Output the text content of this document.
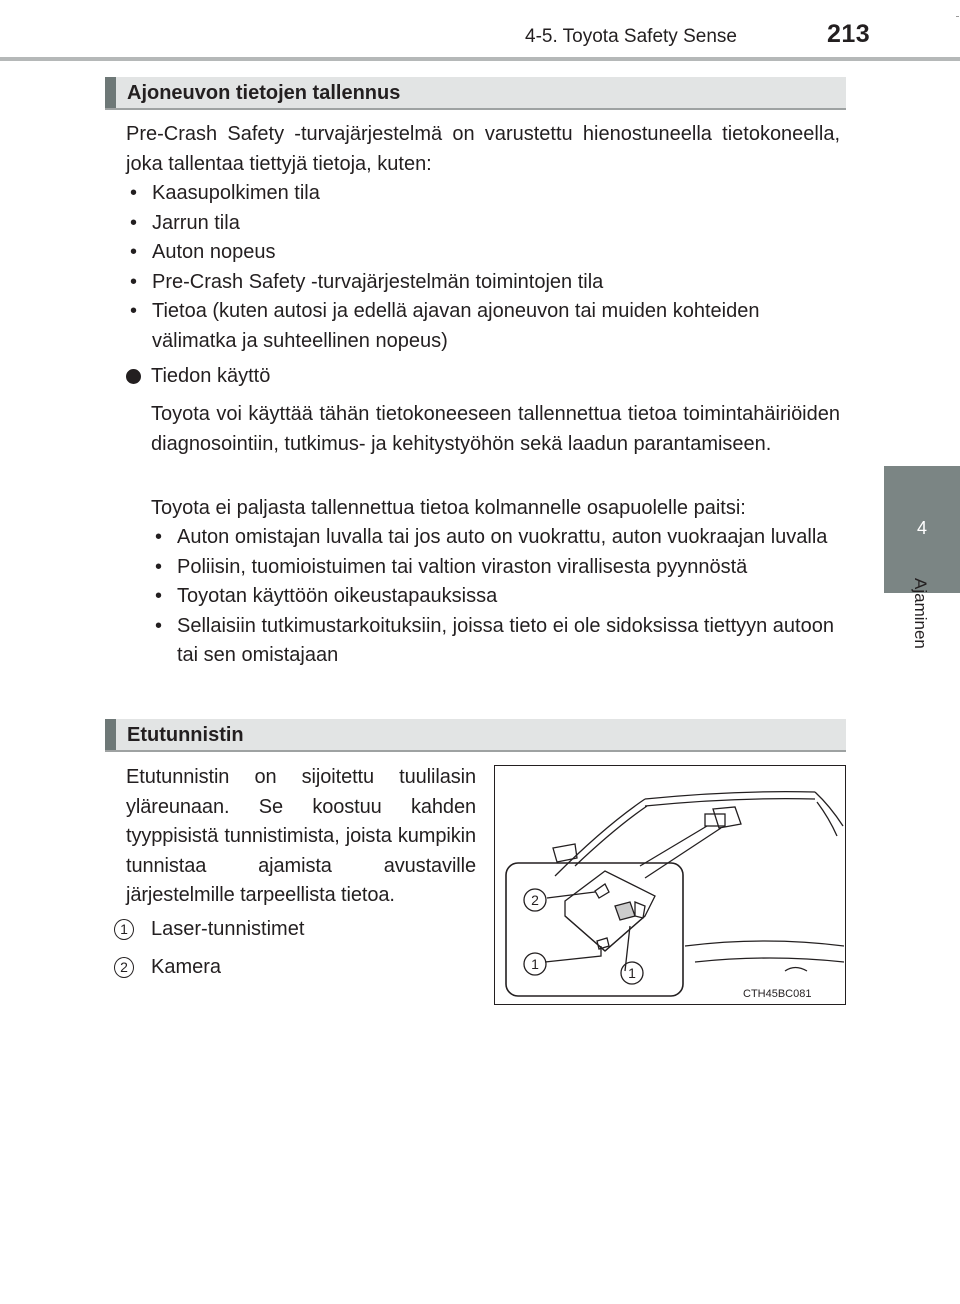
4-5. Toyota Safety Sense	213
4
Ajaminen
Ajoneuvon tietojen tallennus
Pre-Crash Safety -turvajärjestelmä on varustettu hienostuneella tietokoneella, joka tallentaa tiettyjä tietoja, kuten:
• Kaasupolkimen tila
• Jarrun tila
• Auton nopeus
• Pre-Crash Safety -turvajärjestelmän toimintojen tila
• Tietoa (kuten autosi ja edellä ajavan ajoneuvon tai muiden kohteiden välimatka ja suhteellinen nopeus)
Tiedon käyttö
Toyota voi käyttää tähän tietokoneeseen tallennettua tietoa toimintahäiriöiden diagnosointiin, tutkimus- ja kehitystyöhön sekä laadun parantamiseen.
Toyota ei paljasta tallennettua tietoa kolmannelle osapuolelle paitsi:
• Auton omistajan luvalla tai jos auto on vuokrattu, auton vuokraajan luvalla
• Poliisin, tuomioistuimen tai valtion viraston virallisesta pyynnöstä
• Toyotan käyttöön oikeustapauksissa
• Sellaisiin tutkimustarkoituksiin, joissa tieto ei ole sidoksissa tiettyyn autoon tai sen omistajaan
Etutunnistin
Etutunnistin on sijoitettu tuulilasin yläreunaan. Se koostuu kahden tyyppisistä tunnistimista, joista kumpikin tunnistaa ajamista avustaville järjestelmille tarpeellista tietoa.
1	Laser-tunnistimet
2	Kamera
2
1
1
CTH45BC081
